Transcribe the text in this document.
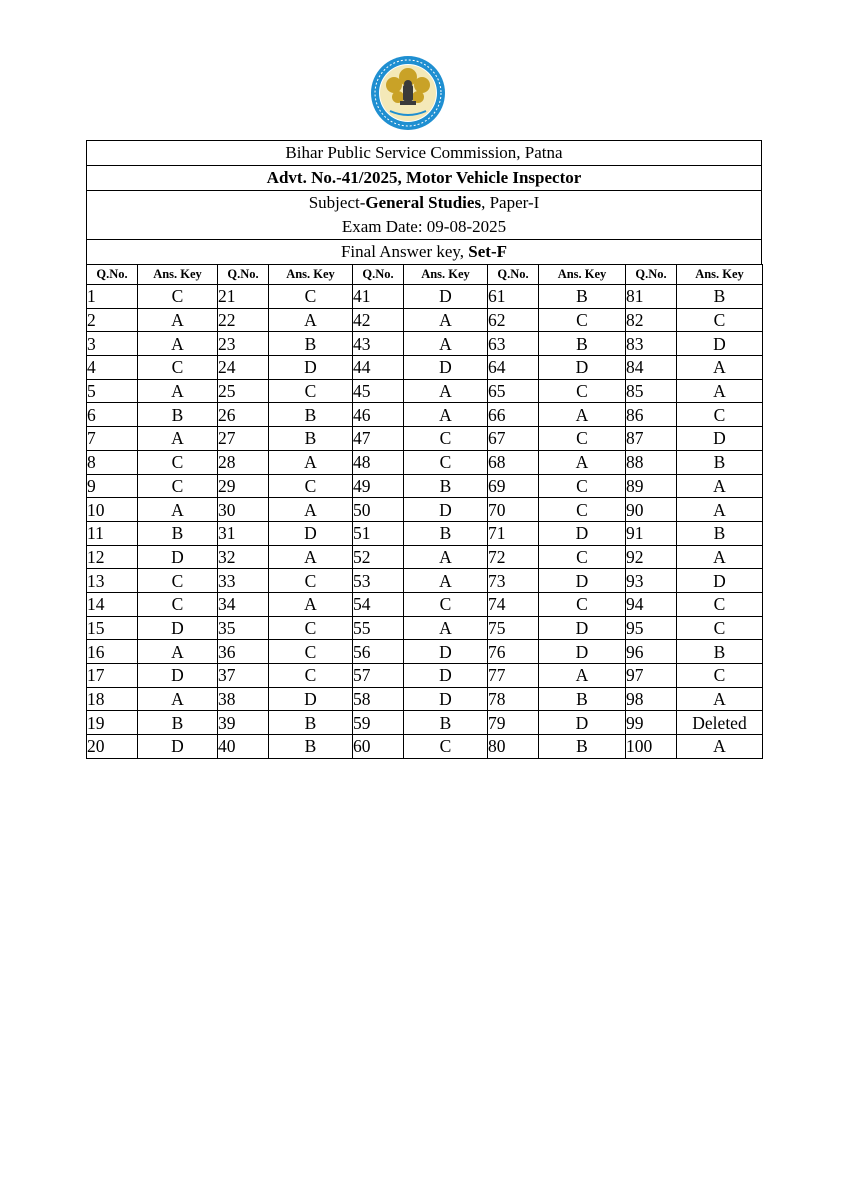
Bihar Public Service Commission, Patna
Advt. No.-41/2025, Motor Vehicle Inspector
Subject-General Studies, Paper-I
Exam Date: 09-08-2025
Final Answer key, Set-F
Q.No.	Ans. Key	Q.No.	Ans. Key	Q.No.	Ans. Key	Q.No.	Ans. Key	Q.No.	Ans. Key
1	C	21	C	41	D	61	B	81	B
2	A	22	A	42	A	62	C	82	C
3	A	23	B	43	A	63	B	83	D
4	C	24	D	44	D	64	D	84	A
5	A	25	C	45	A	65	C	85	A
6	B	26	B	46	A	66	A	86	C
7	A	27	B	47	C	67	C	87	D
8	C	28	A	48	C	68	A	88	B
9	C	29	C	49	B	69	C	89	A
10	A	30	A	50	D	70	C	90	A
11	B	31	D	51	B	71	D	91	B
12	D	32	A	52	A	72	C	92	A
13	C	33	C	53	A	73	D	93	D
14	C	34	A	54	C	74	C	94	C
15	D	35	C	55	A	75	D	95	C
16	A	36	C	56	D	76	D	96	B
17	D	37	C	57	D	77	A	97	C
18	A	38	D	58	D	78	B	98	A
19	B	39	B	59	B	79	D	99	Deleted
20	D	40	B	60	C	80	B	100	A
